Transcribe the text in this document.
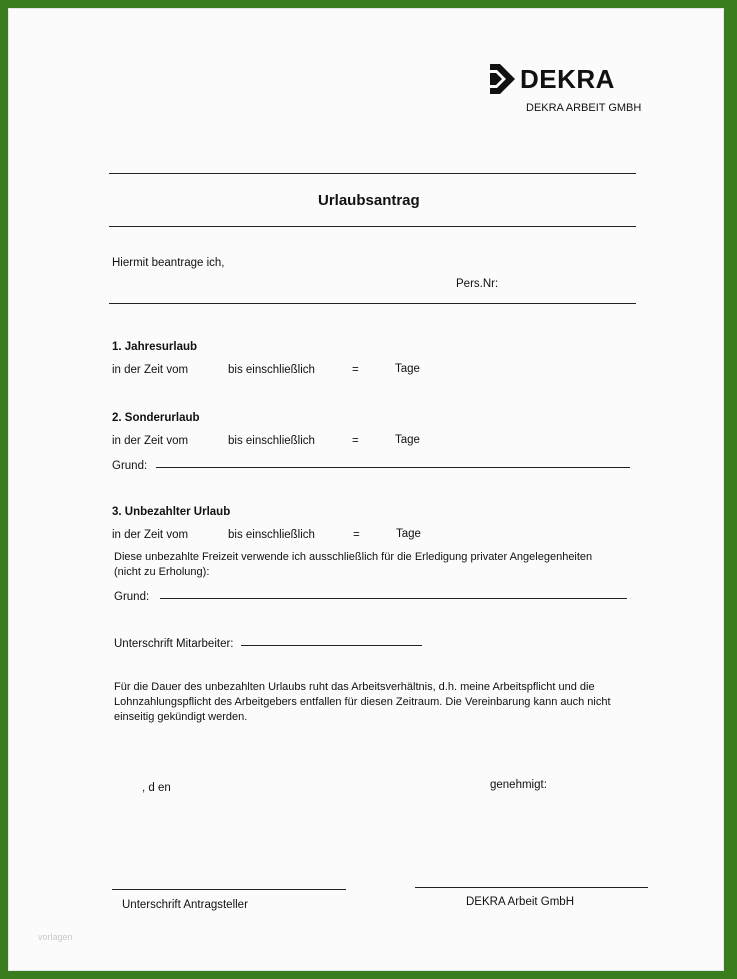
DEKRA
DEKRA ARBEIT GMBH
Urlaubsantrag
Hiermit beantrage ich,
Pers.Nr:
1. Jahresurlaub
in der Zeit vom	bis einschließlich	=	Tage
2. Sonderurlaub
in der Zeit vom	bis einschließlich	=	Tage
Grund:
3. Unbezahlter Urlaub
in der Zeit vom	bis einschließlich	=	Tage
Diese unbezahlte Freizeit verwende ich ausschließlich für die Erledigung privater Angelegenheiten
(nicht zu Erholung):
Grund:
Unterschrift Mitarbeiter:
Für die Dauer des unbezahlten Urlaubs ruht das Arbeitsverhältnis, d.h. meine Arbeitspflicht und die
Lohnzahlungspflicht des Arbeitgebers entfallen für diesen Zeitraum. Die Vereinbarung kann auch nicht
einseitig gekündigt werden.
, d en	genehmigt:
Unterschrift Antragsteller	DEKRA Arbeit GmbH
vorlagen
